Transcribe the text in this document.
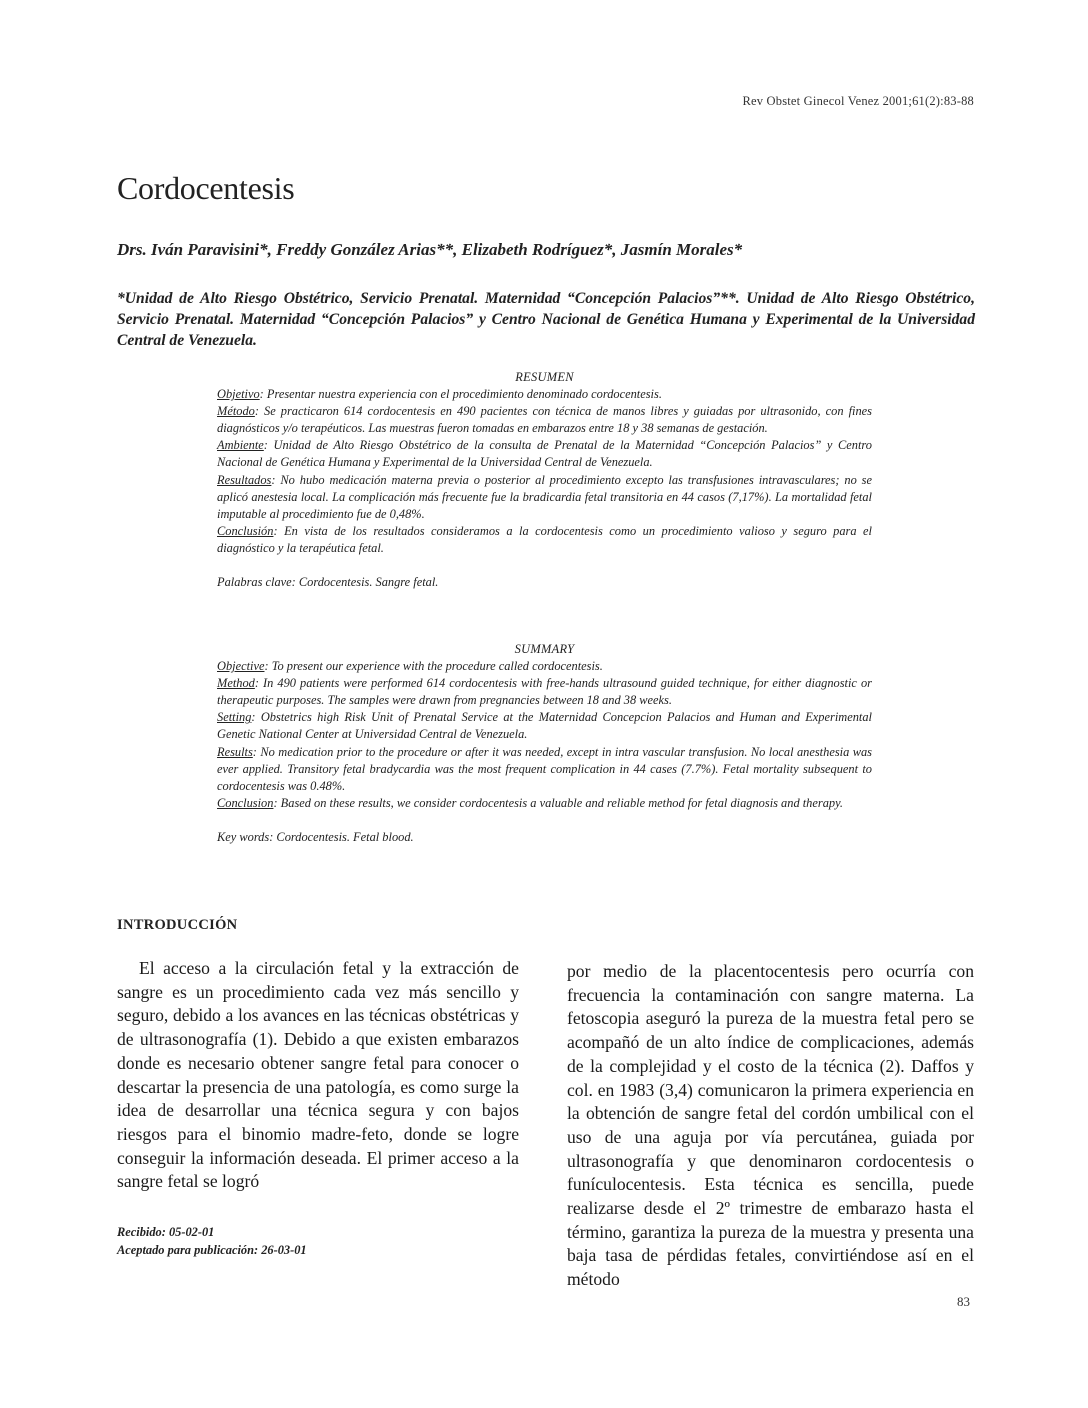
Rev Obstet Ginecol Venez 2001;61(2):83-88
Cordocentesis
Drs. Iván Paravisini*, Freddy González Arias**, Elizabeth Rodríguez*, Jasmín Morales*
*Unidad de Alto Riesgo Obstétrico, Servicio Prenatal. Maternidad “Concepción Palacios”**. Unidad de Alto Riesgo Obstétrico, Servicio Prenatal. Maternidad “Concepción Palacios” y Centro Nacional de Genética Humana y Experimental de la Universidad Central de Venezuela.
RESUMEN

Objetivo: Presentar nuestra experiencia con el procedimiento denominado cordocentesis.

Método: Se practicaron 614 cordocentesis en 490 pacientes con técnica de manos libres y guiadas por ultrasonido, con fines diagnósticos y/o terapéuticos. Las muestras fueron tomadas en embarazos entre 18 y 38 semanas de gestación.

Ambiente: Unidad de Alto Riesgo Obstétrico de la consulta de Prenatal de la Maternidad “Concepción Palacios” y Centro Nacional de Genética Humana y Experimental de la Universidad Central de Venezuela.

Resultados: No hubo medicación materna previa o posterior al procedimiento excepto las transfusiones intravasculares; no se aplicó anestesia local. La complicación más frecuente fue la bradicardia fetal transitoria en 44 casos (7,17%). La mortalidad fetal imputable al procedimiento fue de 0,48%.

Conclusión: En vista de los resultados consideramos a la cordocentesis como un procedimiento valioso y seguro para el diagnóstico y la terapéutica fetal.

Palabras clave: Cordocentesis. Sangre fetal.

SUMMARY

Objective: To present our experience with the procedure called cordocentesis.

Method: In 490 patients were performed 614 cordocentesis with free-hands ultrasound guided technique, for either diagnostic or therapeutic purposes. The samples were drawn from pregnancies between 18 and 38 weeks.

Setting: Obstetrics high Risk Unit of Prenatal Service at the Maternidad Concepcion Palacios and Human and Experimental Genetic National Center at Universidad Central de Venezuela.

Results: No medication prior to the procedure or after it was needed, except in intra vascular transfusion. No local anesthesia was ever applied. Transitory fetal bradycardia was the most frequent complication in 44 cases (7.7%). Fetal mortality subsequent to cordocentesis was 0.48%.

Conclusion: Based on these results, we consider cordocentesis a valuable and reliable method for fetal diagnosis and therapy.

Key words: Cordocentesis. Fetal blood.

INTRODUCCIÓN

El acceso a la circulación fetal y la extracción de sangre es un procedimiento cada vez más sencillo y seguro, debido a los avances en las técnicas obstétricas y de ultrasonografía (1). Debido a que existen embarazos donde es necesario obtener sangre fetal para conocer o descartar la presencia de una patología, es como surge la idea de desarrollar una técnica segura y con bajos riesgos para el binomio madre-feto, donde se logre conseguir la información deseada. El primer acceso a la sangre fetal se logró

por medio de la placentocentesis pero ocurría con frecuencia la contaminación con sangre materna. La fetoscopia aseguró la pureza de la muestra fetal pero se acompañó de un alto índice de complicaciones, además de la complejidad y el costo de la técnica (2). Daffos y col. en 1983 (3,4) comunicaron la primera experiencia en la obtención de sangre fetal del cordón umbilical con el uso de una aguja por vía percutánea, guiada por ultrasonografía y que denominaron cordocentesis o funículocentesis. Esta técnica es sencilla, puede realizarse desde el 2º trimestre de embarazo hasta el término, garantiza la pureza de la muestra y presenta una baja tasa de pérdidas fetales, convirtiéndose así en el método

Recibido: 05-02-01
Aceptado para publicación: 26-03-01
83
